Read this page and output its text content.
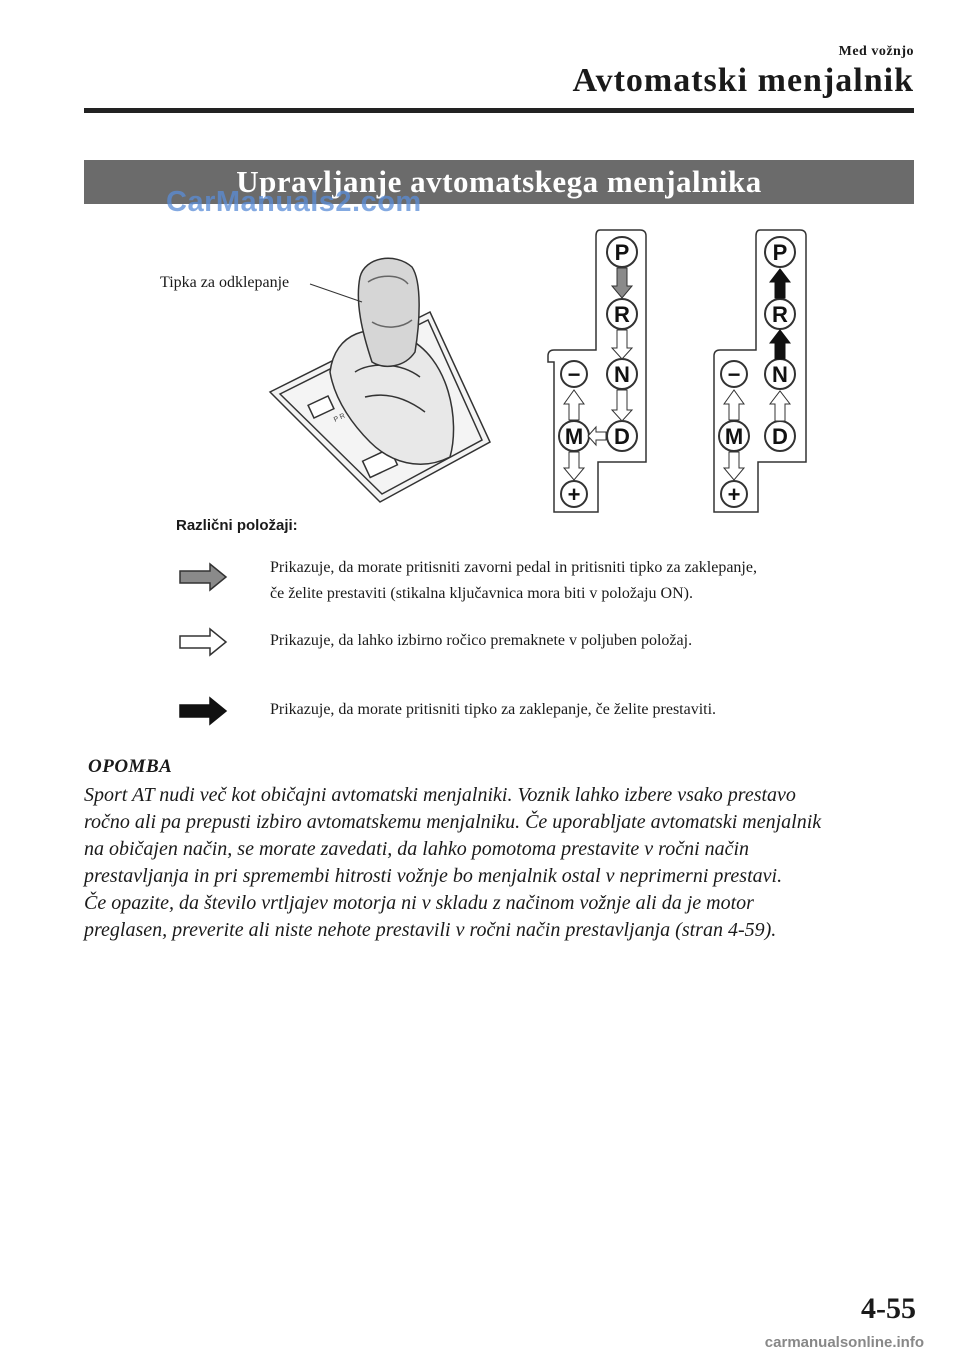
Med vožnjo
Avtomatski menjalnik
Upravljanje avtomatskega menjalnika
CarManuals2.com
P
R
N
D
M
−
+
P
R
N
D
M
−
+
Tipka za odklepanje
Različni položaji:
Prikazuje, da morate pritisniti zavorni pedal in pritisniti tipko za zaklepanje,
če želite prestaviti (stikalna ključavnica mora biti v položaju ON).
Prikazuje, da lahko izbirno ročico premaknete v poljuben položaj.
Prikazuje, da morate pritisniti tipko za zaklepanje, če želite prestaviti.
OPOMBA

Sport AT nudi več kot običajni avtomatski menjalniki. Voznik lahko izbere vsako prestavo

ročno ali pa prepusti izbiro avtomatskemu menjalniku. Če uporabljate avtomatski menjalnik

na običajen način, se morate zavedati, da lahko pomotoma prestavite v ročni način

prestavljanja in pri spremembi hitrosti vožnje bo menjalnik ostal v neprimerni prestavi.

Če opazite, da število vrtljajev motorja ni v skladu z načinom vožnje ali da je motor

preglasen, preverite ali niste nehote prestavili v ročni način prestavljanja (stran 4-59).

4-55
carmanualsonline.info
